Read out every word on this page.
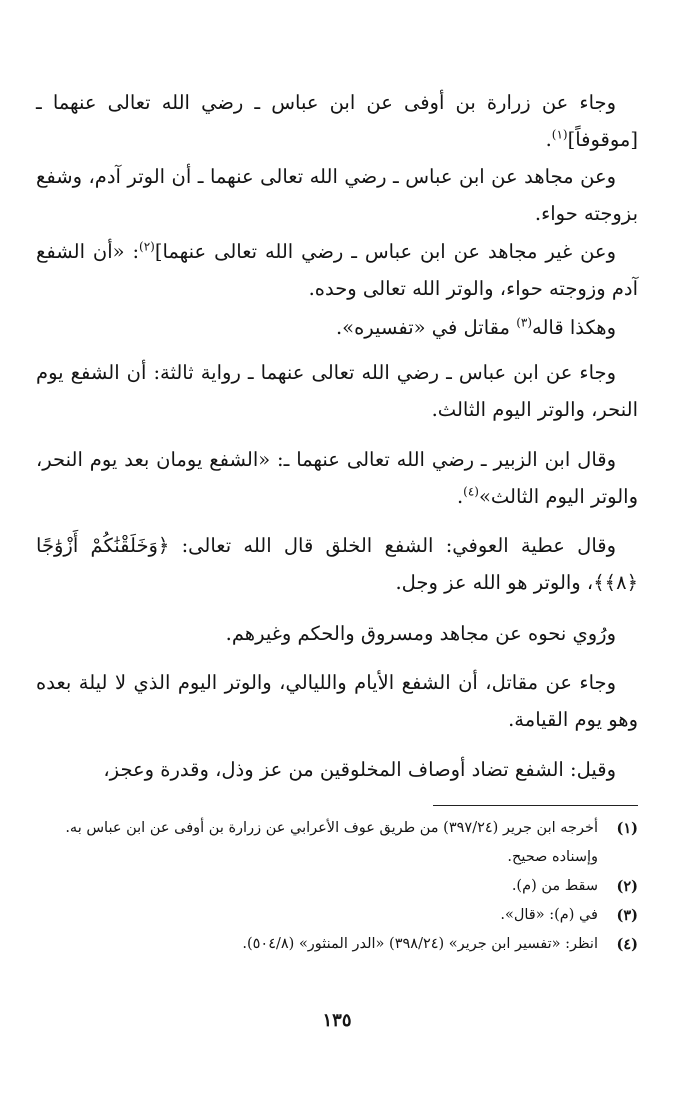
وجاء عن زرارة بن أوفى عن ابن عباس ـ رضي الله تعالى عنهما ـ [موقوفاً]$^{(١)}$.

وعن مجاهد عن ابن عباس ـ رضي الله تعالى عنهما ـ أن الوتر آدم، وشفع بزوجته حواء.

وعن غير مجاهد عن ابن عباس ـ رضي الله تعالى عنهما]$^{(٢)}$: «أن الشفع آدم وزوجته حواء، والوتر الله تعالى وحده.

وهكذا قاله$^{(٣)}$ مقاتل في «تفسيره».

وجاء عن ابن عباس ـ رضي الله تعالى عنهما ـ رواية ثالثة: أن الشفع يوم النحر، والوتر اليوم الثالث.

وقال ابن الزبير ـ رضي الله تعالى عنهما ـ: «الشفع يومان بعد يوم النحر، والوتر اليوم الثالث»$^{(٤)}$.

وقال عطية العوفي: الشفع الخلق قال الله تعالى: ﴿وَخَلَقْنَٰكُمْ أَزْوَٰجًا ﴿٨﴾﴾، والوتر هو الله عز وجل.

ورُوي نحوه عن مجاهد ومسروق والحكم وغيرهم.

وجاء عن مقاتل، أن الشفع الأيام والليالي، والوتر اليوم الذي لا ليلة بعده وهو يوم القيامة.

وقيل: الشفع تضاد أوصاف المخلوقين من عز وذل، وقدرة وعجز،

(١)
أخرجه ابن جرير (٣٩٧/٢٤) من طريق عوف الأعرابي عن زرارة بن أوفى عن ابن عباس به.
وإسناده صحيح.
(٢)
سقط من (م).
(٣)
في (م): «قال».
(٤)
انظر: «تفسير ابن جرير» (٣٩٨/٢٤) «الدر المنثور» (٥٠٤/٨).
١٣٥
